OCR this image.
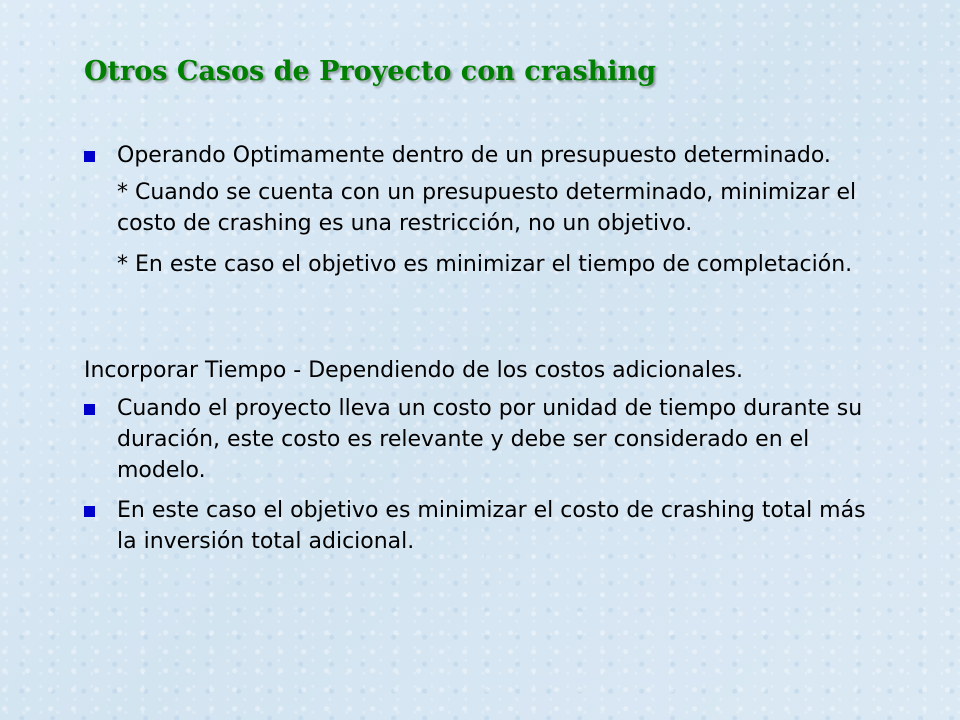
Otros Casos de Proyecto con crashing

Operando Optimamente dentro de un presupuesto determinado.

* Cuando se cuenta con un presupuesto determinado, minimizar el costo de crashing es una restricción, no un objetivo.

* En este caso el objetivo es minimizar el tiempo de completación.

Incorporar Tiempo - Dependiendo de los costos adicionales.

Cuando el proyecto lleva un costo por unidad de tiempo durante su duración, este costo es relevante y debe ser considerado en el modelo.

En este caso el objetivo es minimizar el costo de crashing total más la inversión total adicional.
